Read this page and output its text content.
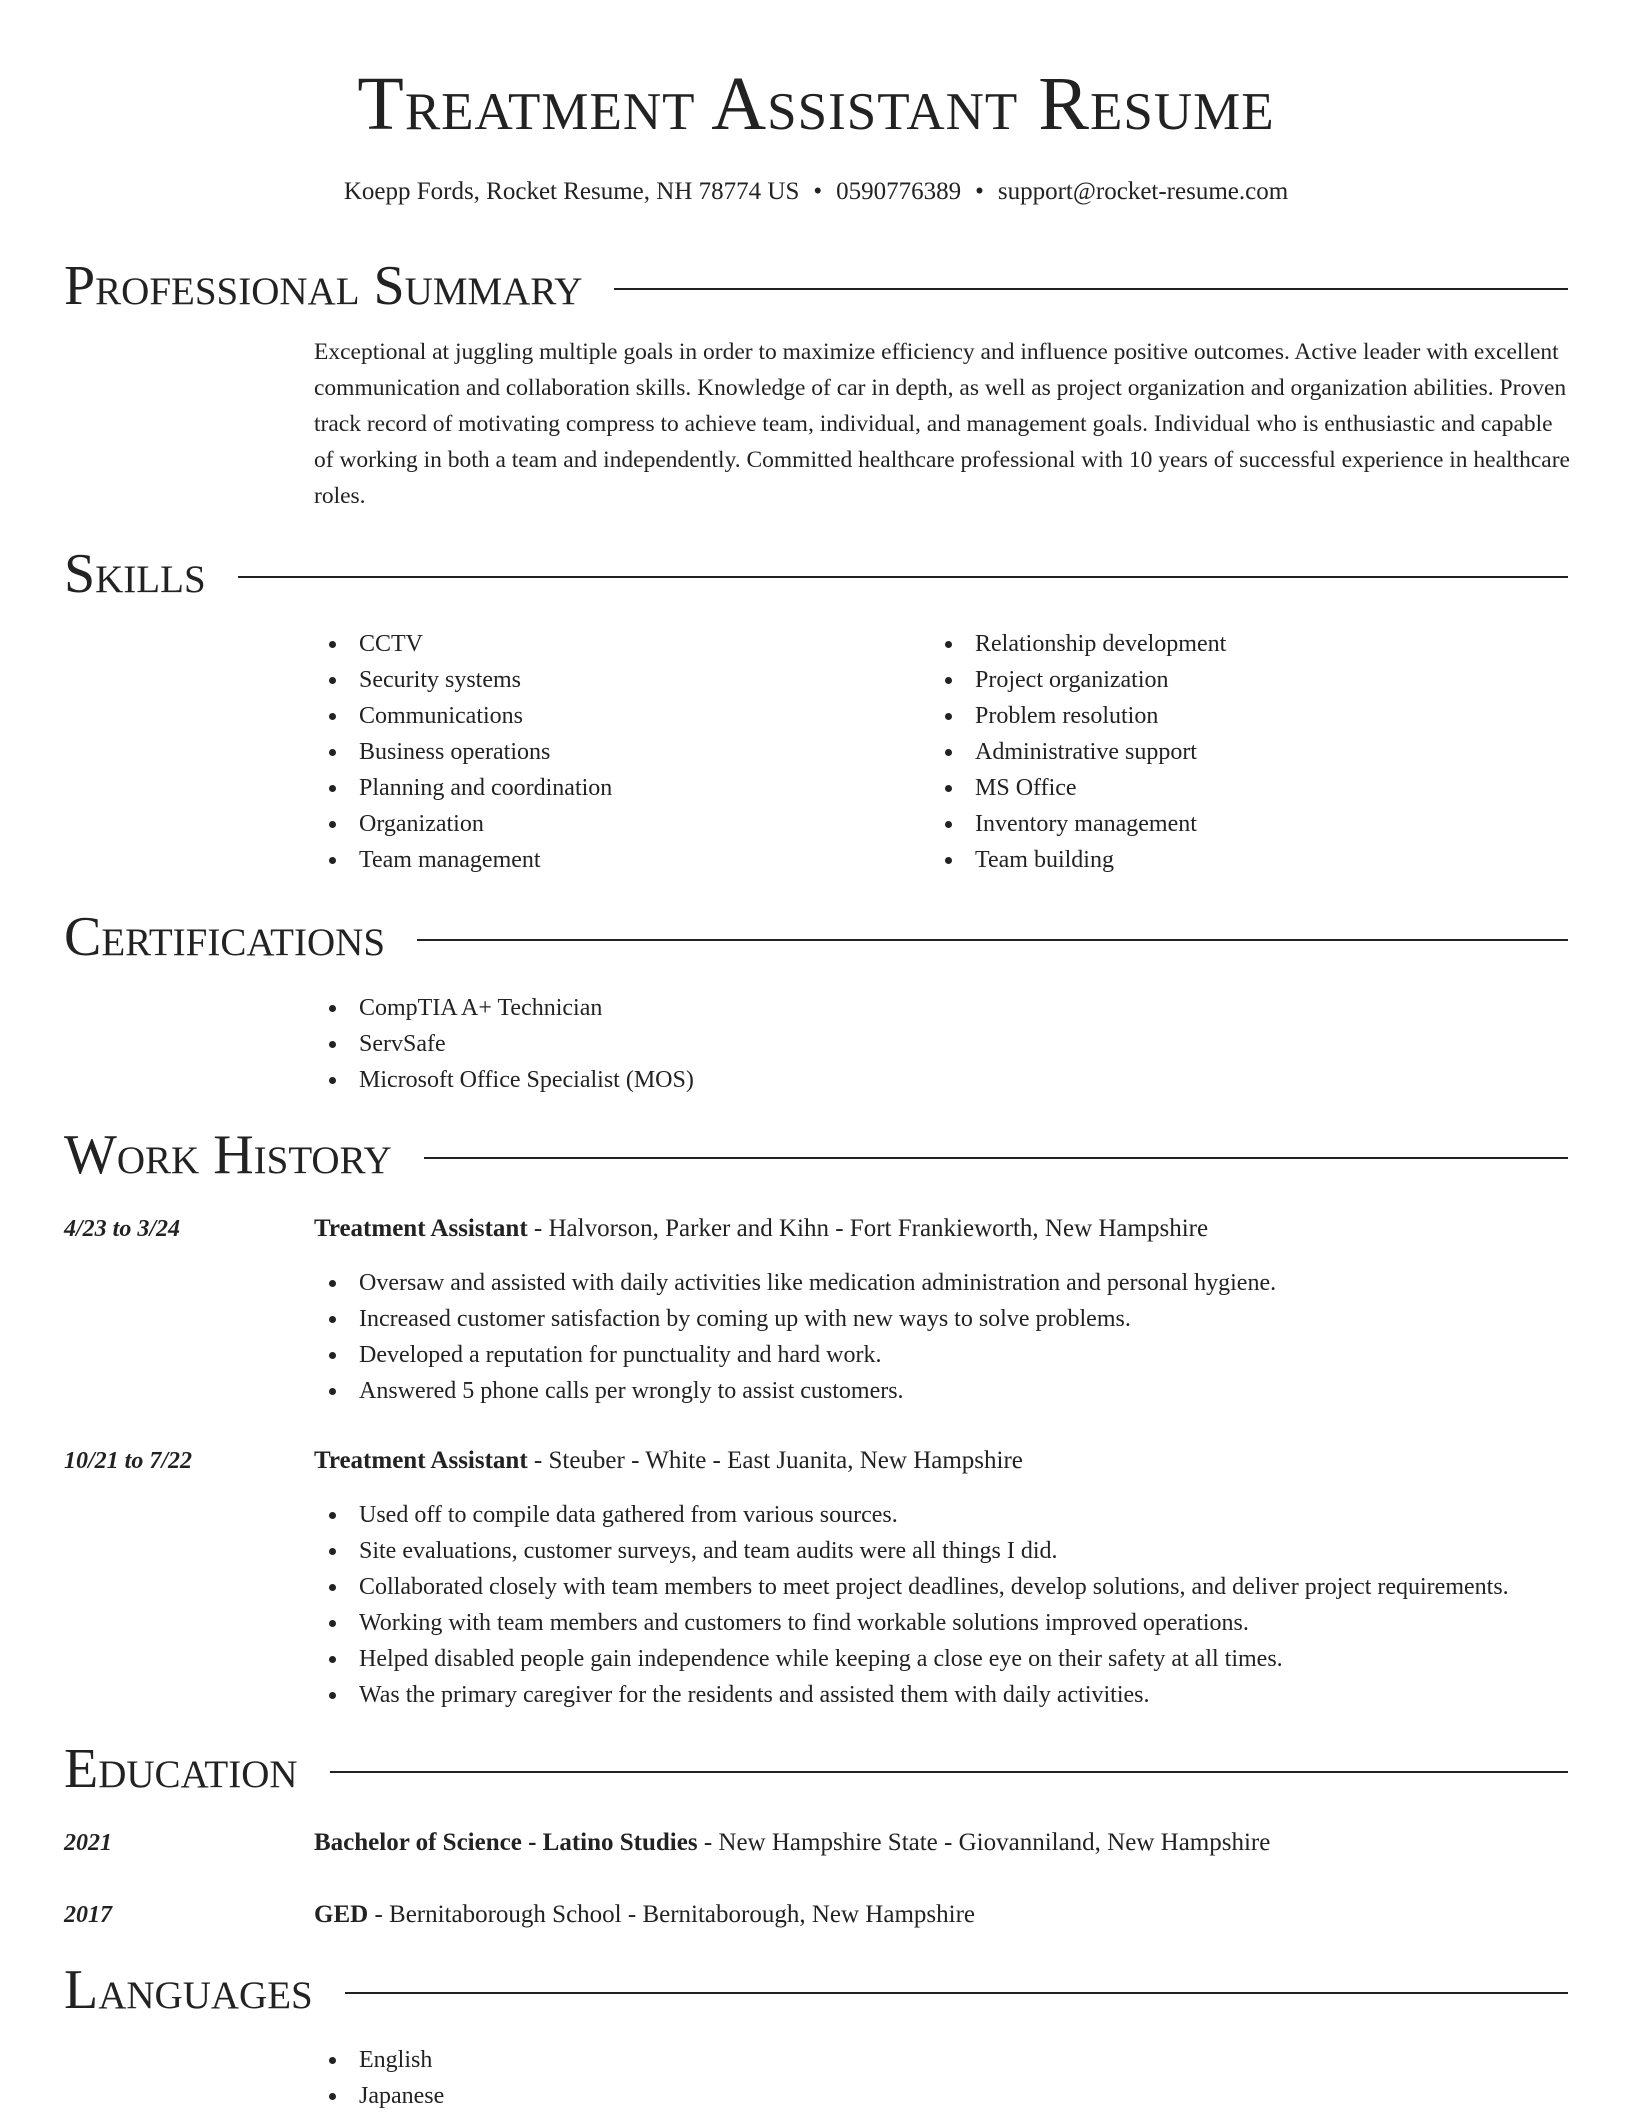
Treatment Assistant Resume
Koepp Fords, Rocket Resume, NH 78774 US • 0590776389 • support@rocket-resume.com
Professional Summary
Exceptional at juggling multiple goals in order to maximize efficiency and influence positive outcomes. Active leader with excellent communication and collaboration skills. Knowledge of car in depth, as well as project organization and organization abilities. Proven track record of motivating compress to achieve team, individual, and management goals. Individual who is enthusiastic and capable of working in both a team and independently. Committed healthcare professional with 10 years of successful experience in healthcare roles.
Skills
CCTV
Security systems
Communications
Business operations
Planning and coordination
Organization
Team management
Relationship development
Project organization
Problem resolution
Administrative support
MS Office
Inventory management
Team building
Certifications
CompTIA A+ Technician
ServSafe
Microsoft Office Specialist (MOS)
Work History
4/23 to 3/24	Treatment Assistant - Halvorson, Parker and Kihn - Fort Frankieworth, New Hampshire
Oversaw and assisted with daily activities like medication administration and personal hygiene.
Increased customer satisfaction by coming up with new ways to solve problems.
Developed a reputation for punctuality and hard work.
Answered 5 phone calls per wrongly to assist customers.
10/21 to 7/22	Treatment Assistant - Steuber - White - East Juanita, New Hampshire
Used off to compile data gathered from various sources.
Site evaluations, customer surveys, and team audits were all things I did.
Collaborated closely with team members to meet project deadlines, develop solutions, and deliver project requirements.
Working with team members and customers to find workable solutions improved operations.
Helped disabled people gain independence while keeping a close eye on their safety at all times.
Was the primary caregiver for the residents and assisted them with daily activities.
Education
2021	Bachelor of Science - Latino Studies - New Hampshire State - Giovanniland, New Hampshire
2017	GED - Bernitaborough School - Bernitaborough, New Hampshire
Languages
English
Japanese
